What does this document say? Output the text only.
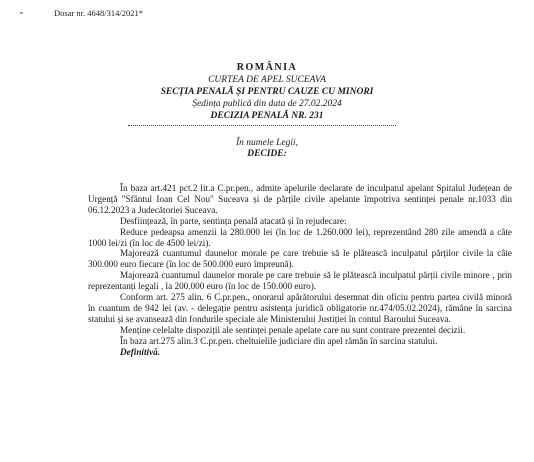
Dosar nr. 4648/314/2021*
ROMÂNIA
CURTEA DE APEL SUCEAVA
SECȚIA PENALĂ ȘI PENTRU CAUZE CU MINORI
Ședința publică din data de 27.02.2024
DECIZIA PENALĂ NR. 231
În numele Legii,
DECIDE:

În baza art.421 pct.2 lit.a C.pr.pen., admite apelurile declarate de inculpatul apelant Spitalul Județean de Urgență "Sfântul Ioan Cel Nou" Suceava și de părțile civile apelante împotriva sentinței penale nr.1033 din 06.12.2023 a Judecătoriei Suceava.

Desființează, în parte, sentința penală atacată și în rejudecare:

Reduce pedeapsa amenzii la 280.000 lei (în loc de 1.260.000 lei), reprezentând 280 zile amendă a câte 1000 lei/zi (în loc de 4500 lei/zi).

Majorează cuantumul daunelor morale pe care trebuie să le plătească inculpatul părților civile la câte 300.000 euro fiecare (în loc de 500.000 euro împreună).

Majorează cuantumul daunelor morale pe care trebuie să le plătească inculpatul părții civile minore , prin reprezentanți legali , la 200.000 euro (în loc de 150.000 euro).

Conform art. 275 alin. 6 C.pr.pen., onorarul apărătorului desemnat din oficiu pentru partea civilă minoră în cuantum de 942 lei (av. - delegație pentru asistența juridică obligatorie nr.474/05.02.2024), rămâne în sarcina statului și se avansează din fondurile speciale ale Ministerului Justiției în contul Baroului Suceava.

Menține celelalte dispoziții ale sentinței penale apelate care nu sunt contrare prezentei decizii.

În baza art.275 alin.3 C.pr.pen. cheltuielile judiciare din apel rămân în sarcina statului.

Definitivă.
